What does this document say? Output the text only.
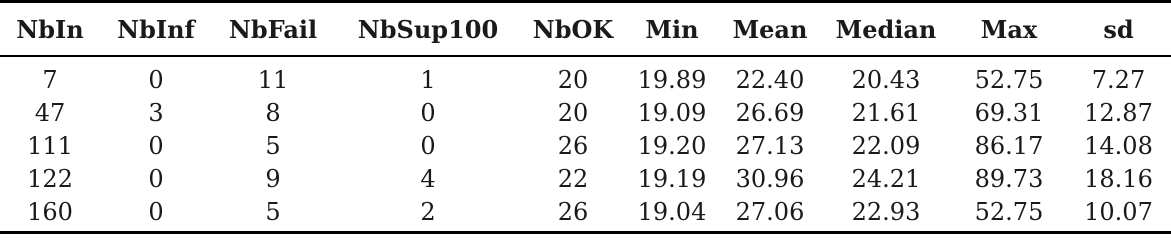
NbIn	NbInf	NbFail	NbSup100	NbOK	Min	Mean	Median	Max	sd

7	0	11	1	20	19.89	22.40	20.43	52.75	7.27
47	3	8	0	20	19.09	26.69	21.61	69.31	12.87
111	0	5	0	26	19.20	27.13	22.09	86.17	14.08
122	0	9	4	22	19.19	30.96	24.21	89.73	18.16
160	0	5	2	26	19.04	27.06	22.93	52.75	10.07
